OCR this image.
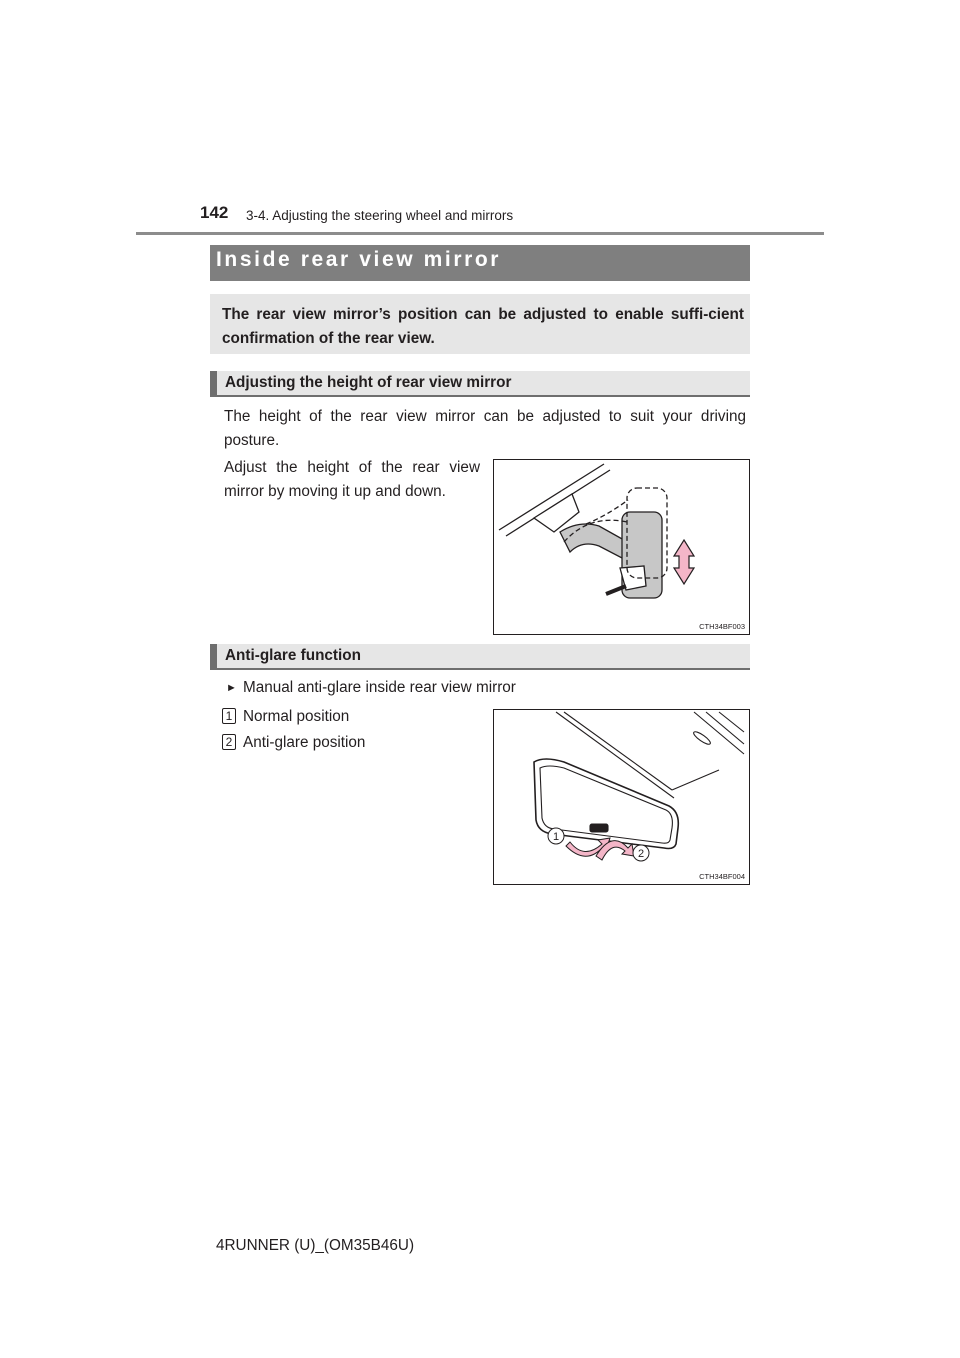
142 3-4. Adjusting the steering wheel and mirrors
Inside rear view mirror
The rear view mirror’s position can be adjusted to enable suffi-cient confirmation of the rear view.
Adjusting the height of rear view mirror
The height of the rear view mirror can be adjusted to suit your driving posture.
Adjust the height of the rear view mirror by moving it up and down.
CTH34BF003
Anti-glare function
► Manual anti-glare inside rear view mirror
1 Normal position
2 Anti-glare position
1
2
CTH34BF004
4RUNNER (U)_(OM35B46U)
